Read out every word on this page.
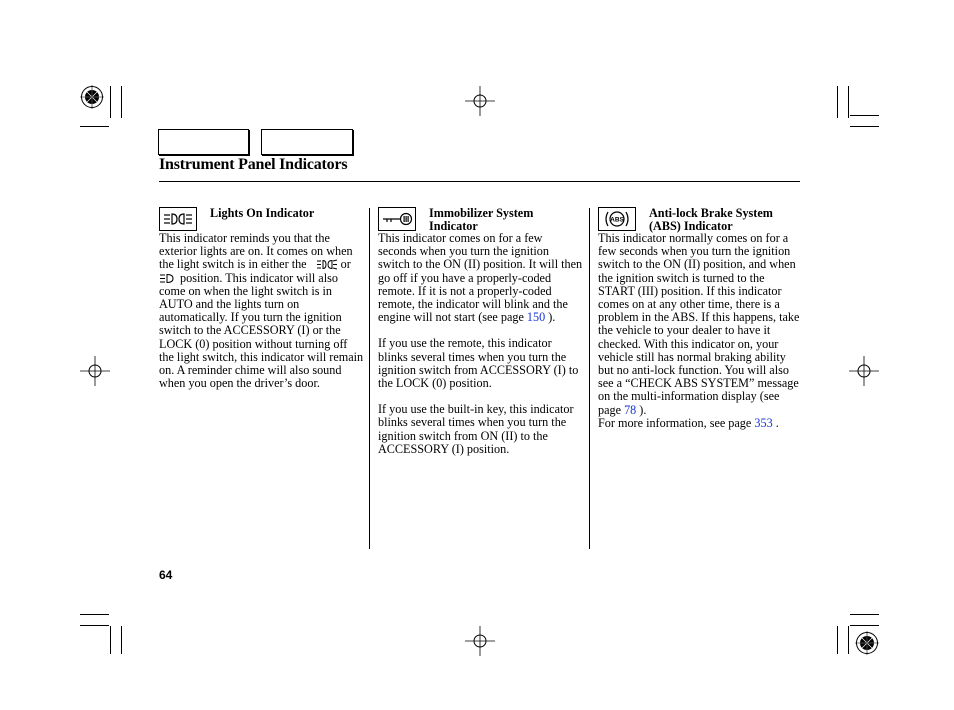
Instrument Panel Indicators
Lights On Indicator

This indicator reminds you that the exterior lights are on. It comes on when the light switch is in either the	or  position. This indicator will also come on when the light switch is in AUTO and the lights turn on automatically. If you turn the ignition switch to the ACCESSORY (I) or the LOCK (0) position without turning off the light switch, this indicator will remain on. A reminder chime will also sound when you open the driver’s door.

Immobilizer System Indicator

This indicator comes on for a few seconds when you turn the ignition switch to the ON (II) position. It will then go off if you have a properly-coded remote. If it is not a properly-coded remote, the indicator will blink and the engine will not start (see page 150 ).

If you use the remote, this indicator blinks several times when you turn the ignition switch from ACCESSORY (I) to the LOCK (0) position.

If you use the built-in key, this indicator blinks several times when you turn the ignition switch from ON (II) to the ACCESSORY (I) position.

ABS Anti-lock Brake System (ABS) Indicator

This indicator normally comes on for a few seconds when you turn the ignition switch to the ON (II) position, and when the ignition switch is turned to the START (III) position. If this indicator comes on at any other time, there is a problem in the ABS. If this happens, take the vehicle to your dealer to have it checked. With this indicator on, your vehicle still has normal braking ability but no anti-lock function. You will also see a “CHECK ABS SYSTEM” message on the multi-information display (see page 78 ).

For more information, see page 353 .

64
